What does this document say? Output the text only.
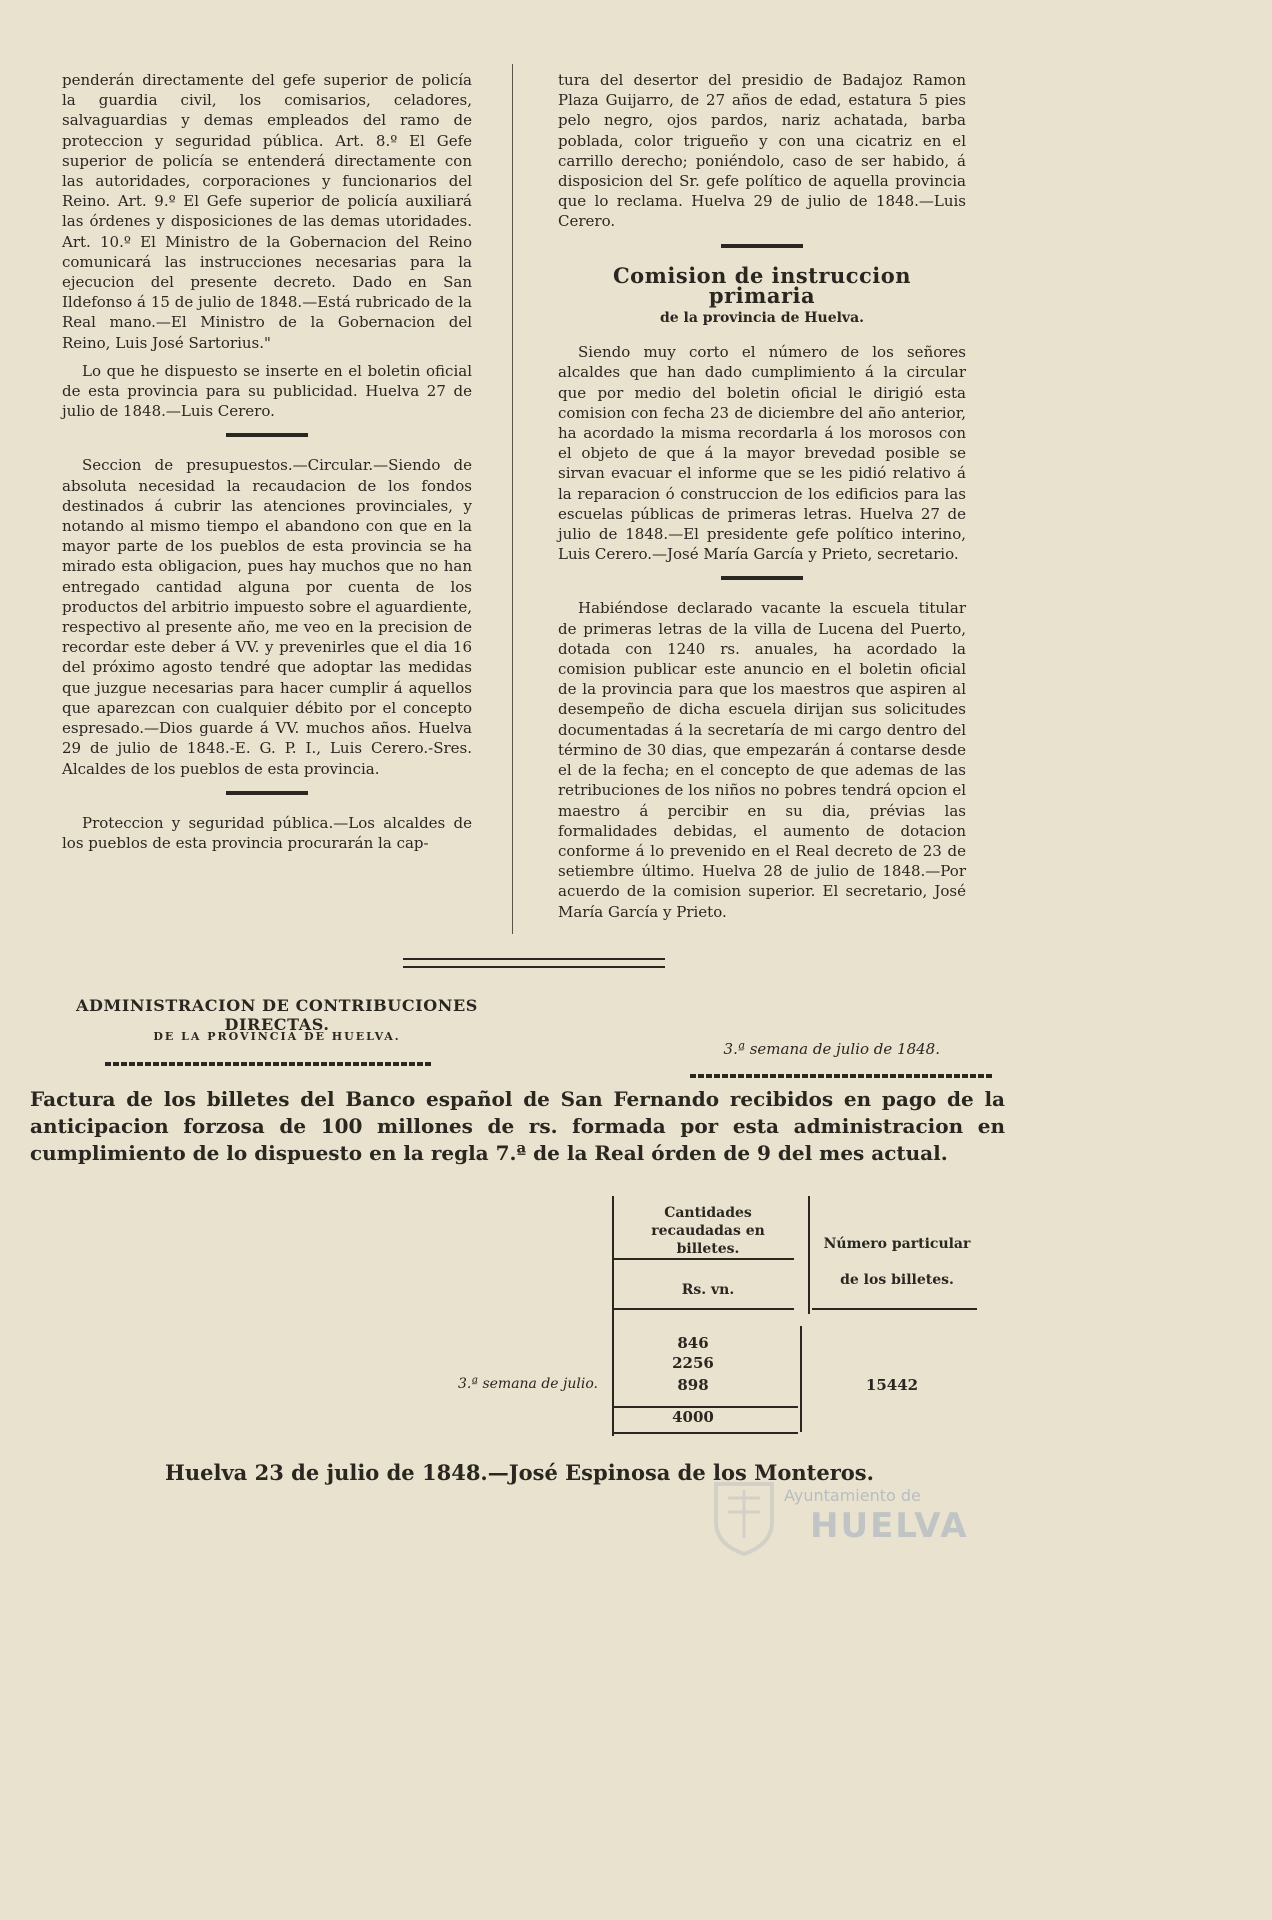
penderán directamente del gefe superior de policía la guardia civil, los comisarios, celadores, salvaguardias y demas empleados del ramo de proteccion y seguridad pública. Art. 8.º El Gefe superior de policía se entenderá directamente con las autoridades, corporaciones y funcionarios del Reino. Art. 9.º El Gefe superior de policía auxiliará las órdenes y disposiciones de las demas utoridades. Art. 10.º El Ministro de la Gobernacion del Reino comunicará las instrucciones necesarias para la ejecucion del presente decreto. Dado en San Ildefonso á 15 de julio de 1848.—Está rubricado de la Real mano.—El Ministro de la Gobernacion del Reino, Luis José Sartorius."

Lo que he dispuesto se inserte en el boletin oficial de esta provincia para su publicidad. Huelva 27 de julio de 1848.—Luis Cerero.

Seccion de presupuestos.—Circular.—Siendo de absoluta necesidad la recaudacion de los fondos destinados á cubrir las atenciones provinciales, y notando al mismo tiempo el abandono con que en la mayor parte de los pueblos de esta provincia se ha mirado esta obligacion, pues hay muchos que no han entregado cantidad alguna por cuenta de los productos del arbitrio impuesto sobre el aguardiente, respectivo al presente año, me veo en la precision de recordar este deber á VV. y prevenirles que el dia 16 del próximo agosto tendré que adoptar las medidas que juzgue necesarias para hacer cumplir á aquellos que aparezcan con cualquier débito por el concepto espresado.—Dios guarde á VV. muchos años. Huelva 29 de julio de 1848.-E. G. P. I., Luis Cerero.-Sres. Alcaldes de los pueblos de esta provincia.

Proteccion y seguridad pública.—Los alcaldes de los pueblos de esta provincia procurarán la cap-

tura del desertor del presidio de Badajoz Ramon Plaza Guijarro, de 27 años de edad, estatura 5 pies pelo negro, ojos pardos, nariz achatada, barba poblada, color trigueño y con una cicatriz en el carrillo derecho; poniéndolo, caso de ser habido, á disposicion del Sr. gefe político de aquella provincia que lo reclama. Huelva 29 de julio de 1848.—Luis Cerero.

Comision de instruccion primaria
de la provincia de Huelva.

Siendo muy corto el número de los señores alcaldes que han dado cumplimiento á la circular que por medio del boletin oficial le dirigió esta comision con fecha 23 de diciembre del año anterior, ha acordado la misma recordarla á los morosos con el objeto de que á la mayor brevedad posible se sirvan evacuar el informe que se les pidió relativo á la reparacion ó construccion de los edificios para las escuelas públicas de primeras letras. Huelva 27 de julio de 1848.—El presidente gefe político interino, Luis Cerero.—José María García y Prieto, secretario.

Habiéndose declarado vacante la escuela titular de primeras letras de la villa de Lucena del Puerto, dotada con 1240 rs. anuales, ha acordado la comision publicar este anuncio en el boletin oficial de la provincia para que los maestros que aspiren al desempeño de dicha escuela dirijan sus solicitudes documentadas á la secretaría de mi cargo dentro del término de 30 dias, que empezarán á contarse desde el de la fecha; en el concepto de que ademas de las retribuciones de los niños no pobres tendrá opcion el maestro á percibir en su dia, prévias las formalidades debidas, el aumento de dotacion conforme á lo prevenido en el Real decreto de 23 de setiembre último. Huelva 28 de julio de 1848.—Por acuerdo de la comision superior. El secretario, José María García y Prieto.

ADMINISTRACION DE CONTRIBUCIONES DIRECTAS.
DE LA PROVINCIA DE HUELVA.
3.ª semana de julio de 1848.
Factura de los billetes del Banco español de San Fernando recibidos en pago de la anticipacion forzosa de 100 millones de rs. formada por esta administracion en cumplimiento de lo dispuesto en la regla 7.ª de la Real órden de 9 del mes actual.
Cantidades recaudadas en billetes.
Rs. vn.
Número particular
de los billetes.
3.ª semana de julio.
846
2256
898
4000
15442
Huelva 23 de julio de 1848.—José Espinosa de los Monteros.
Ayuntamiento de
HUELVA
